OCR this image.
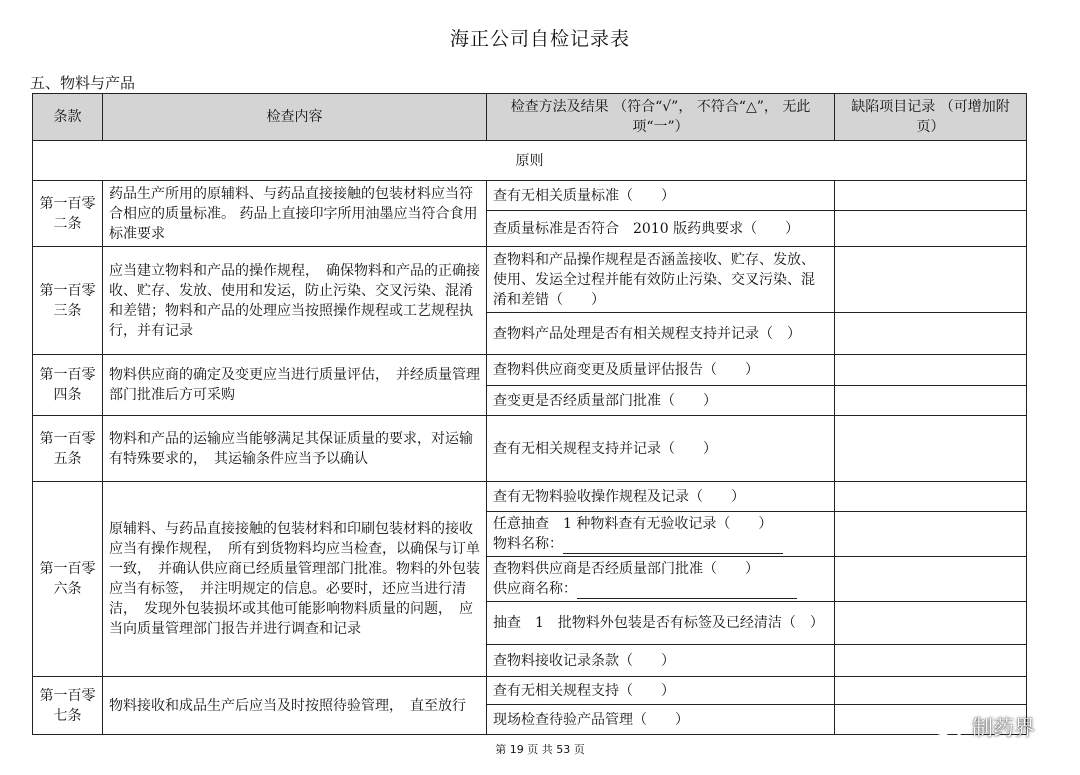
海正公司自检记录表
五、物料与产品
条款	检查内容	检查方法及结果 （符合“√”， 不符合“△”， 无此项“一”）	缺陷项目记录 （可增加附页）
原则			
第一百零二条	药品生产所用的原辅料、与药品直接接触的包装材料应当符合相应的质量标准。 药品上直接印字所用油墨应当符合食用标准要求	查有无相关质量标准（　　）	
		查质量标准是否符合　2010 版药典要求（　　）	
第一百零三条	应当建立物料和产品的操作规程，　确保物料和产品的正确接收、贮存、发放、使用和发运，防止污染、交叉污染、混淆和差错；物料和产品的处理应当按照操作规程或工艺规程执行，并有记录	查物料和产品操作规程是否涵盖接收、贮存、发放、使用、发运全过程并能有效防止污染、交叉污染、混淆和差错（　　）	
		查物料产品处理是否有相关规程支持并记录（　）	
第一百零四条	物料供应商的确定及变更应当进行质量评估，　并经质量管理部门批准后方可采购	查物料供应商变更及质量评估报告（　　）	
		查变更是否经质量部门批准（　　）	
第一百零五条	物料和产品的运输应当能够满足其保证质量的要求，对运输有特殊要求的，　其运输条件应当予以确认	查有无相关规程支持并记录（　　）	
第一百零六条	原辅料、与药品直接接触的包装材料和印刷包装材料的接收应当有操作规程，　所有到货物料均应当检查，以确保与订单一致，　并确认供应商已经质量管理部门批准。物料的外包装应当有标签，　并注明规定的信息。必要时，还应当进行清洁，　发现外包装损坏或其他可能影响物料质量的问题，　应当向质量管理部门报告并进行调查和记录	查有无物料验收操作规程及记录（　　）	

		任意抽查　1 种物料查有无验收记录（　　）
物料名称：	

		查物料供应商是否经质量部门批准（　　）
供应商名称：	

		抽查　1　批物料外包装是否有标签及已经清洁（　）	
		查物料接收记录条款（　　）	
第一百零七条	物料接收和成品生产后应当及时按照待验管理，　直至放行	查有无相关规程支持（　　）	
		现场检查待验产品管理（　　）	
第 19 页 共 53 页
制药界
